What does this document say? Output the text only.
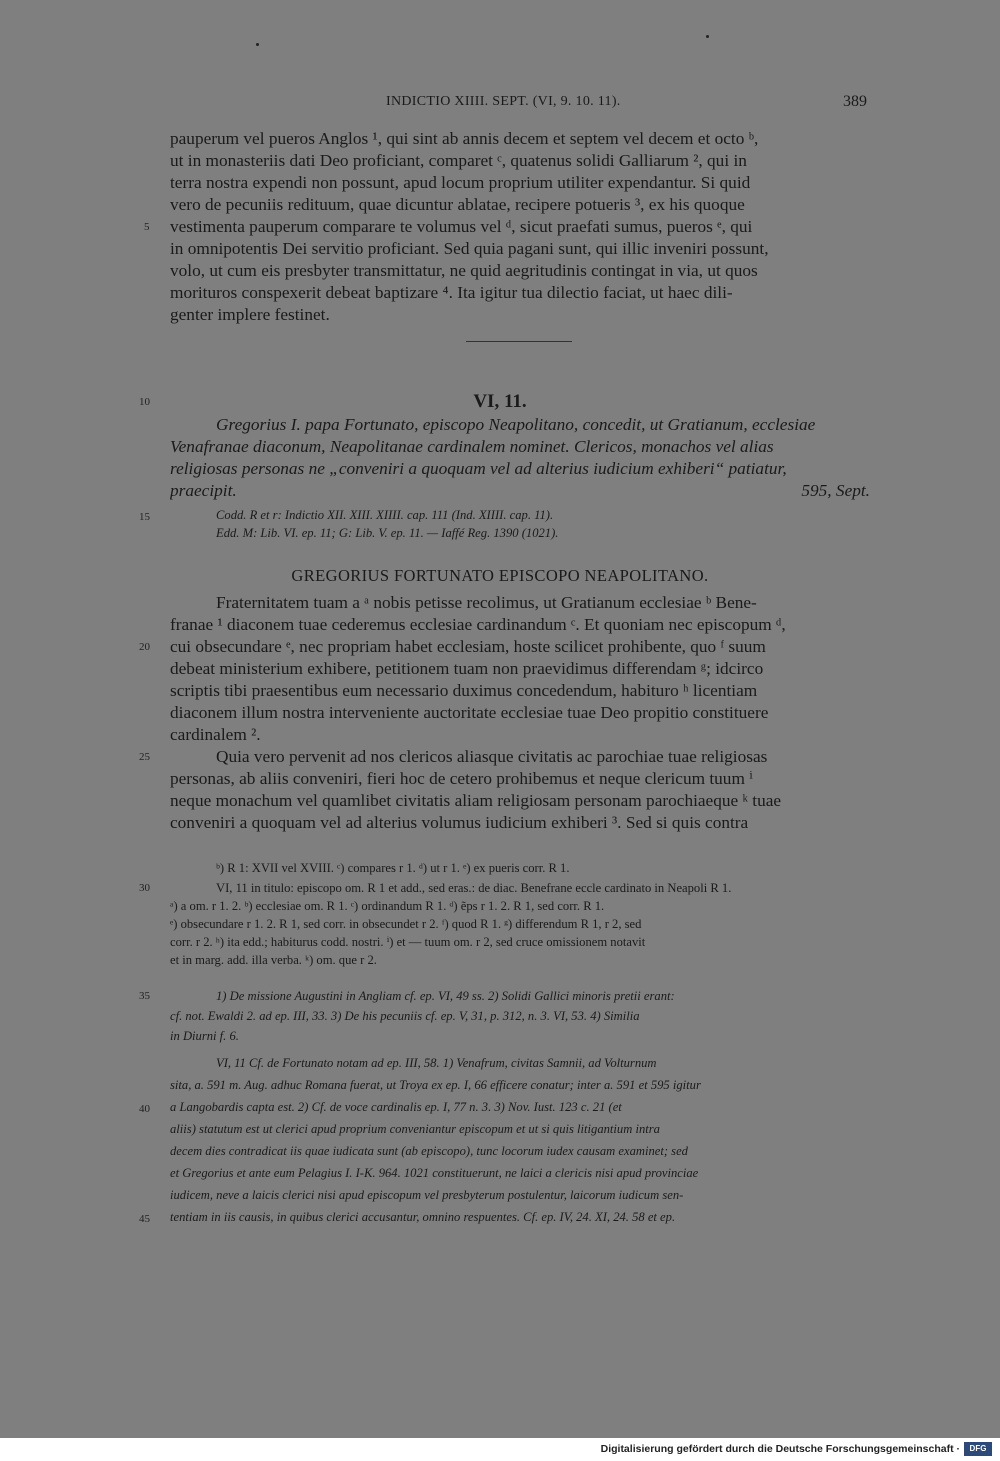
INDICTIO XIIII. SEPT. (VI, 9. 10. 11).	389
pauperum vel pueros Anglos ¹, qui sint ab annis decem et septem vel decem et octo ᵇ,
ut in monasteriis dati Deo proficiant, comparet ᶜ, quatenus solidi Galliarum ², qui in
terra nostra expendi non possunt, apud locum proprium utiliter expendantur. Si quid
vero de pecuniis redituum, quae dicuntur ablatae, recipere potueris ³, ex his quoque
vestimenta pauperum comparare te volumus vel ᵈ, sicut praefati sumus, pueros ᵉ, qui
in omnipotentis Dei servitio proficiant. Sed quia pagani sunt, qui illic inveniri possunt,
volo, ut cum eis presbyter transmittatur, ne quid aegritudinis contingat in via, ut quos
morituros conspexerit debeat baptizare ⁴. Ita igitur tua dilectio faciat, ut haec dili-
genter implere festinet.
VI, 11.
Gregorius I. papa Fortunato, episcopo Neapolitano, concedit, ut Gratianum, ecclesiae
Venafranae diaconum, Neapolitanae cardinalem nominet. Clericos, monachos vel alias
religiosas personas ne „conveniri a quoquam vel ad alterius iudicium exhiberi“ patiatur,
praecipit.	595, Sept.
Codd. R et r: Indictio XII. XIII. XIIII. cap. 111 (Ind. XIIII. cap. 11).
Edd. M: Lib. VI. ep. 11; G: Lib. V. ep. 11. — Iaffé Reg. 1390 (1021).
GREGORIUS FORTUNATO EPISCOPO NEAPOLITANO.
Fraternitatem tuam a ᵃ nobis petisse recolimus, ut Gratianum ecclesiae ᵇ Bene-
franae ¹ diaconem tuae cederemus ecclesiae cardinandum ᶜ. Et quoniam nec episcopum ᵈ,
cui obsecundare ᵉ, nec propriam habet ecclesiam, hoste scilicet prohibente, quo ᶠ suum
debeat ministerium exhibere, petitionem tuam non praevidimus differendam ᵍ; idcirco
scriptis tibi praesentibus eum necessario duximus concedendum, habituro ʰ licentiam
diaconem illum nostra interveniente auctoritate ecclesiae tuae Deo propitio constituere
cardinalem ².
Quia vero pervenit ad nos clericos aliasque civitatis ac parochiae tuae religiosas
personas, ab aliis conveniri, fieri hoc de cetero prohibemus et neque clericum tuum ⁱ
neque monachum vel quamlibet civitatis aliam religiosam personam parochiaeque ᵏ tuae
conveniri a quoquam vel ad alterius volumus iudicium exhiberi ³. Sed si quis contra
ᵇ) R 1: XVII vel XVIII. ᶜ) compares r 1. ᵈ) ut r 1. ᵉ) ex pueris corr. R 1.
VI, 11 in titulo: episcopo om. R 1 et add., sed eras.: de diac. Benefrane eccle cardinato in Neapoli R 1.
ᵃ) a om. r 1. 2. ᵇ) ecclesiae om. R 1. ᶜ) ordinandum R 1. ᵈ) ẽps r 1. 2. R 1, sed corr. R 1.
ᵉ) obsecundare r 1. 2. R 1, sed corr. in obsecundet r 2. ᶠ) quod R 1. ᵍ) differendum R 1, r 2, sed
corr. r 2. ʰ) ita edd.; habiturus codd. nostri. ⁱ) et — tuum om. r 2, sed cruce omissionem notavit
et in marg. add. illa verba. ᵏ) om. que r 2.
1) De missione Augustini in Angliam cf. ep. VI, 49 ss. 2) Solidi Gallici minoris pretii erant:
cf. not. Ewaldi 2. ad ep. III, 33. 3) De his pecuniis cf. ep. V, 31, p. 312, n. 3. VI, 53. 4) Similia
in Diurni f. 6.
VI, 11 Cf. de Fortunato notam ad ep. III, 58. 1) Venafrum, civitas Samnii, ad Volturnum
sita, a. 591 m. Aug. adhuc Romana fuerat, ut Troya ex ep. I, 66 efficere conatur; inter a. 591 et 595 igitur
a Langobardis capta est. 2) Cf. de voce cardinalis ep. I, 77 n. 3. 3) Nov. Iust. 123 c. 21 (et
aliis) statutum est ut clerici apud proprium conveniantur episcopum et ut si quis litigantium intra
decem dies contradicat iis quae iudicata sunt (ab episcopo), tunc locorum iudex causam examinet; sed
et Gregorius et ante eum Pelagius I. I-K. 964. 1021 constituerunt, ne laici a clericis nisi apud provinciae
iudicem, neve a laicis clerici nisi apud episcopum vel presbyterum postulentur, laicorum iudicum sen-
tentiam in iis causis, in quibus clerici accusantur, omnino respuentes. Cf. ep. IV, 24. XI, 24. 58 et ep.
5
10
15
20
25
30
35
40
45
Digitalisierung gefördert durch die Deutsche Forschungsgemeinschaft ·	DFG
